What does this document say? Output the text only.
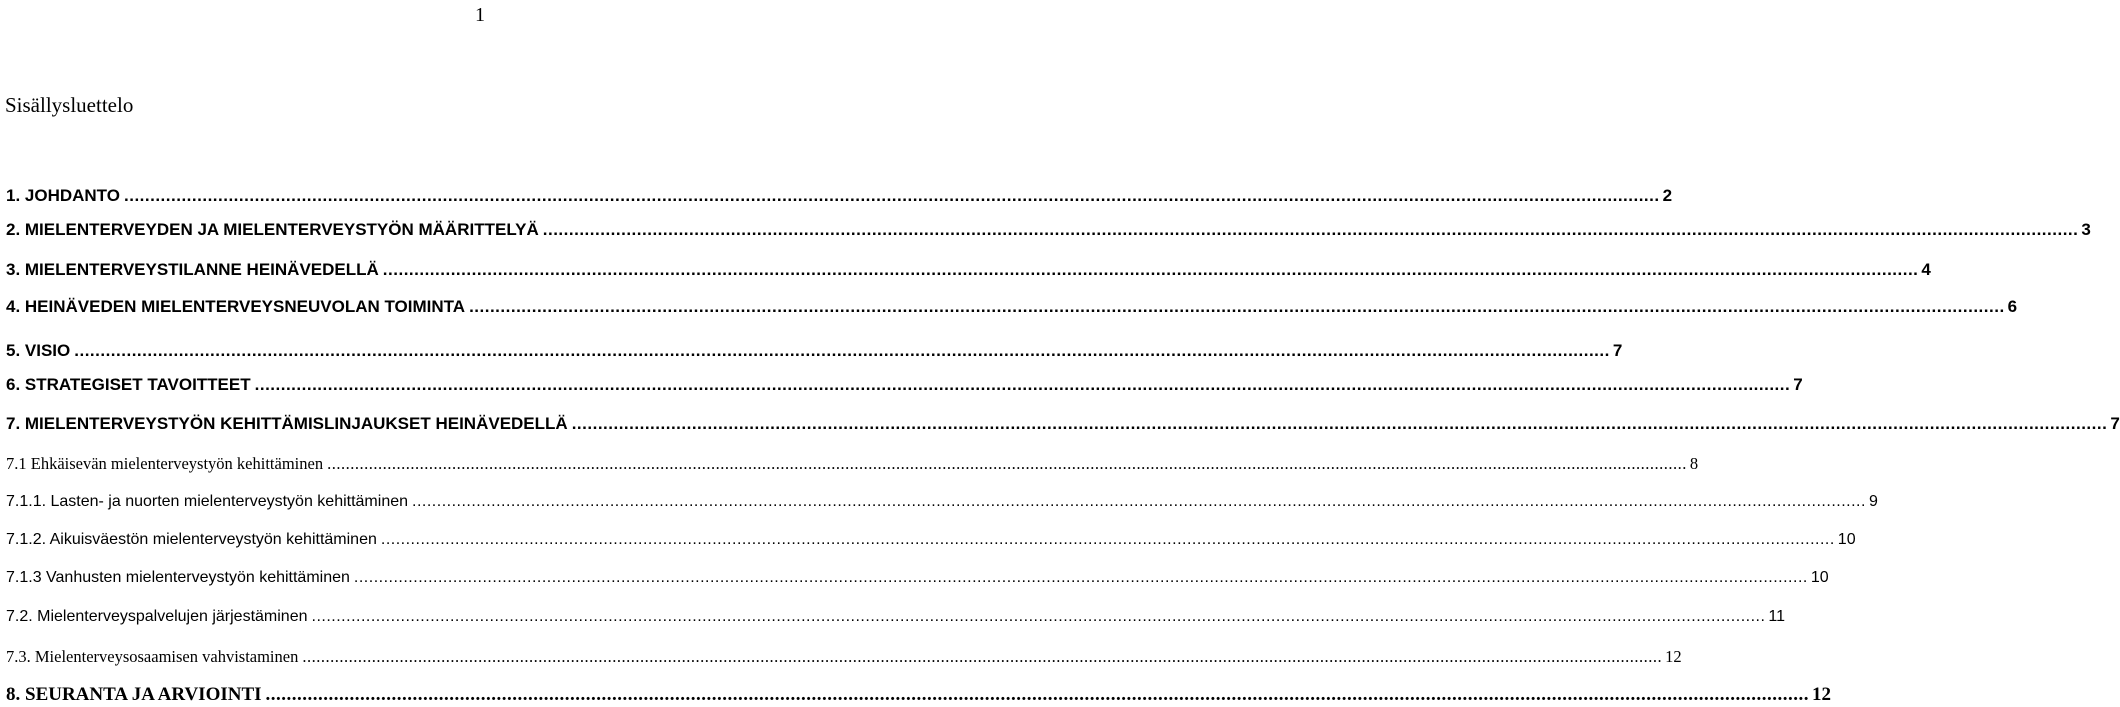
1
Sisällysluettelo
1. JOHDANTO .....	2
2. MIELENTERVEYDEN JA MIELENTERVEYSTYÖN MÄÄRITTELYÄ .....	3
3. MIELENTERVEYSTILANNE HEINÄVEDELLÄ .....	4
4. HEINÄVEDEN MIELENTERVEYSNEUVOLAN TOIMINTA .....	6
5. VISIO .....	7
6. STRATEGISET TAVOITTEET .....	7
7. MIELENTERVEYSTYÖN KEHITTÄMISLINJAUKSET HEINÄVEDELLÄ .....	7
7.1 Ehkäisevän mielenterveystyön kehittäminen .....	8
7.1.1. Lasten- ja nuorten mielenterveystyön kehittäminen .....	9
7.1.2. Aikuisväestön mielenterveystyön kehittäminen .....	10
7.1.3 Vanhusten mielenterveystyön kehittäminen .....	10
7.2. Mielenterveyspalvelujen järjestäminen .....	11
7.3. Mielenterveysosaamisen vahvistaminen .....	12
8. SEURANTA JA ARVIOINTI .....	12
